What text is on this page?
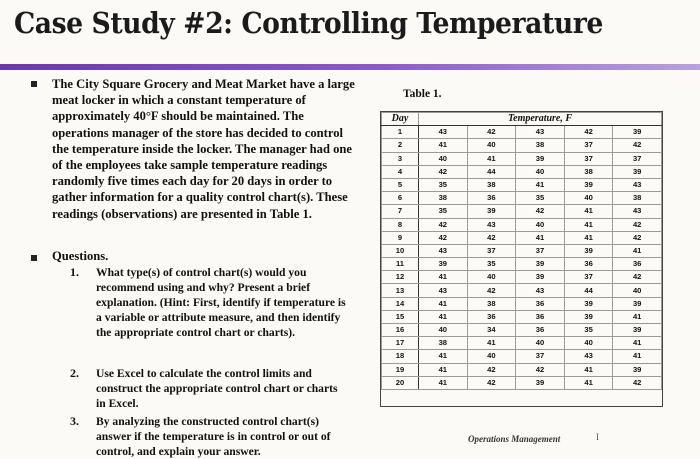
Case Study #2: Controlling Temperature

The City Square Grocery and Meat Market have a large meat locker in which a constant temperature of approximately 40°F should be maintained. The operations manager of the store has decided to control the temperature inside the locker. The manager had one of the employees take sample temperature readings randomly five times each day for 20 days in order to gather information for a quality control chart(s). These readings (observations) are presented in Table 1.

Questions.
1.	What type(s) of control chart(s) would you recommend using and why? Present a brief explanation. (Hint: First, identify if temperature is a variable or attribute measure, and then identify the appropriate control chart or charts).

2.	Use Excel to calculate the control limits and construct the appropriate control chart or charts in Excel.

3.	By analyzing the constructed control chart(s) answer if the temperature is in control or out of control, and explain your answer.

Table 1.
Day	Temperature, F				
1	43	42	43	42	39
2	41	40	38	37	42
3	40	41	39	37	37
4	42	44	40	38	39
5	35	38	41	39	43
6	38	36	35	40	38
7	35	39	42	41	43
8	42	43	40	41	42
9	42	42	41	41	42
10	43	37	37	39	41
11	39	35	39	36	36
12	41	40	39	37	42
13	43	42	43	44	40
14	41	38	36	39	39
15	41	36	36	39	41
16	40	34	36	35	39
17	38	41	40	40	41
18	41	40	37	43	41
19	41	42	42	41	39
20	41	42	39	41	42
Operations Management	I
